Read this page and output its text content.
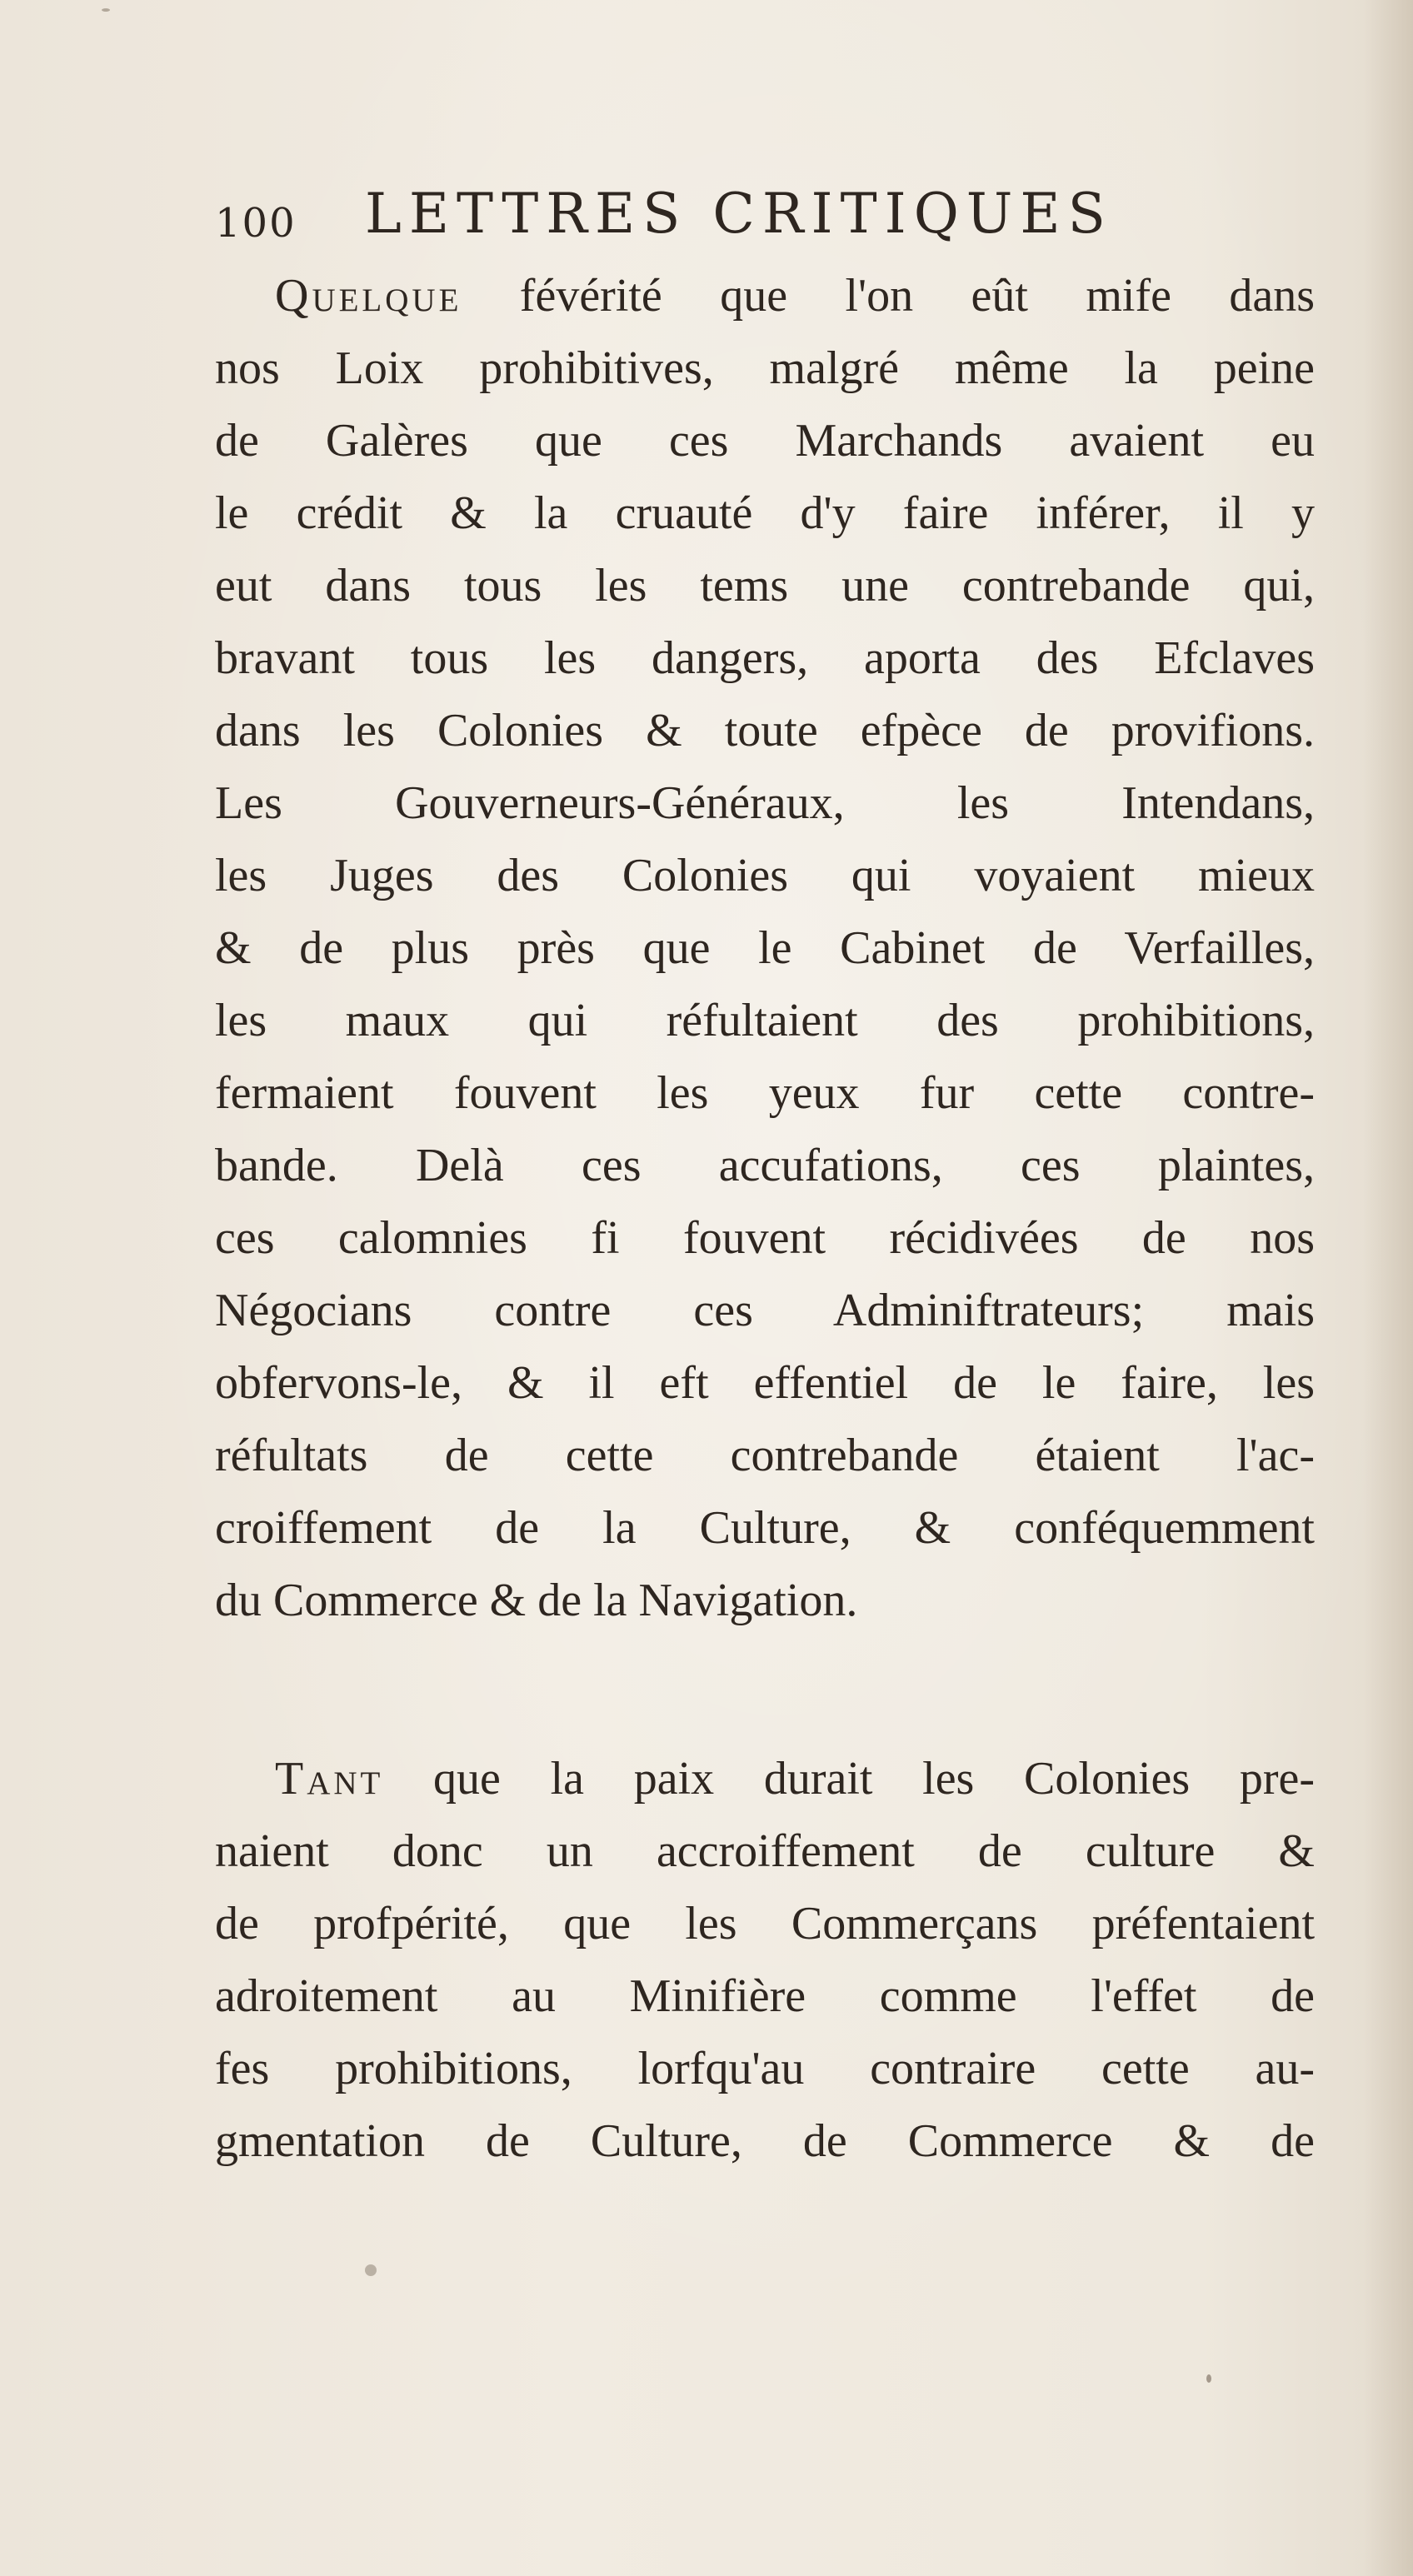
100 LETTRES CRITIQUES
Quelque févérité que l'on eût mife dans
nos Loix prohibitives, malgré même la peine
de Galères que ces Marchands avaient eu
le crédit & la cruauté d'y faire inférer, il y
eut dans tous les tems une contrebande qui,
bravant tous les dangers, aporta des Efclaves
dans les Colonies & toute efpèce de provifions.
Les Gouverneurs-Généraux, les Intendans,
les Juges des Colonies qui voyaient mieux
& de plus près que le Cabinet de Verfailles,
les maux qui réfultaient des prohibitions,
fermaient fouvent les yeux fur cette contre-
bande. Delà ces accufations, ces plaintes,
ces calomnies fi fouvent récidivées de nos
Négocians contre ces Adminiftrateurs; mais
obfervons-le, & il eft effentiel de le faire, les
réfultats de cette contrebande étaient l'ac-
croiffement de la Culture, & conféquemment
du Commerce & de la Navigation.
Tant que la paix durait les Colonies pre-
naient donc un accroiffement de culture &
de profpérité, que les Commerçans préfentaient
adroitement au Minifière comme l'effet de
fes prohibitions, lorfqu'au contraire cette au-
gmentation de Culture, de Commerce & de
